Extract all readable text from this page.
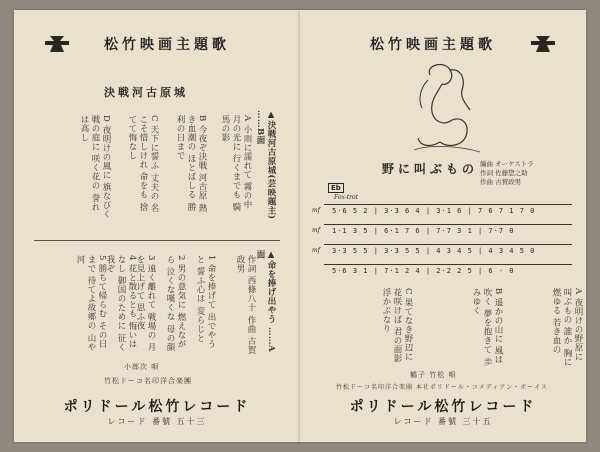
歌題主画映竹松
城原古河戦決
▲決戦河古原城(芸映題主) ……B面
A 小雨に濡れて 霧の中 月の光に 行くまでも 騎馬の影
B 今夜ぞ決戦 河古原 熱き血潮の ほとばしる 勝利の日まで
C 天下に誓ふ 丈夫の 名こそ惜しけれ 命をも 捨てて悔なし
D 夜明けの風に 旗なびく 戦の庭に 咲く花の 誉れは高し
▲命を捧げ出やう ……A面
作詞 西條八十 作曲 古賀政男
1 命を捧げて 出でやうと 誓ふ心は 変らじと
2 男の意気に 燃えながら 泣くな嘆くな 母の顔
3 遠く離れて 戦場の 月を見上げて 思ふ夜
4 花と散るとも 悔いはなし 御国のために 征く我ぞ
5 勝ちて帰らむ その日まで 待てよ故郷の 山や河
唄 次郎小
團楽合洋印名コード松竹
ドーコレ竹松ルードリポ
三十五 號番 ドーコレ
歌題主画映竹松
のもぶ叫に野 編曲 オーケストラ
作詞 佐藤惣之助
作曲 古賀政男
Eb
Fox-trot
mf 5·6 5 2 | 3·3 6 4 | 3·1 6 | 7 6 7 1 7 0
mf 1·1 3 5 | 6·1 7 6 | 7·7 3 1 | 7·7 0
mf 3·3 5 5 | 3·3 5 5 | 4 3 4 5 | 4 3 4 5 0
5·6 3 1 | 7·1 2 4 | 2·2 2 5 | 6 · 0
A 夜明けの野原に 叫ぶもの 誰か 胸に燃ゆる 若き血の
B 遥かの山に 風は吹く 夢を抱きて 歩みゆく
C 果てなき野辺に 花咲けば 君の面影 浮かぶなり
唄 松竹 子鶴
スイーボ・ンアィデメコ・ルードリポ社本 團楽合洋印名コード松竹
ドーコレ竹松ルードリポ
五十三 號番 ドーコレ
